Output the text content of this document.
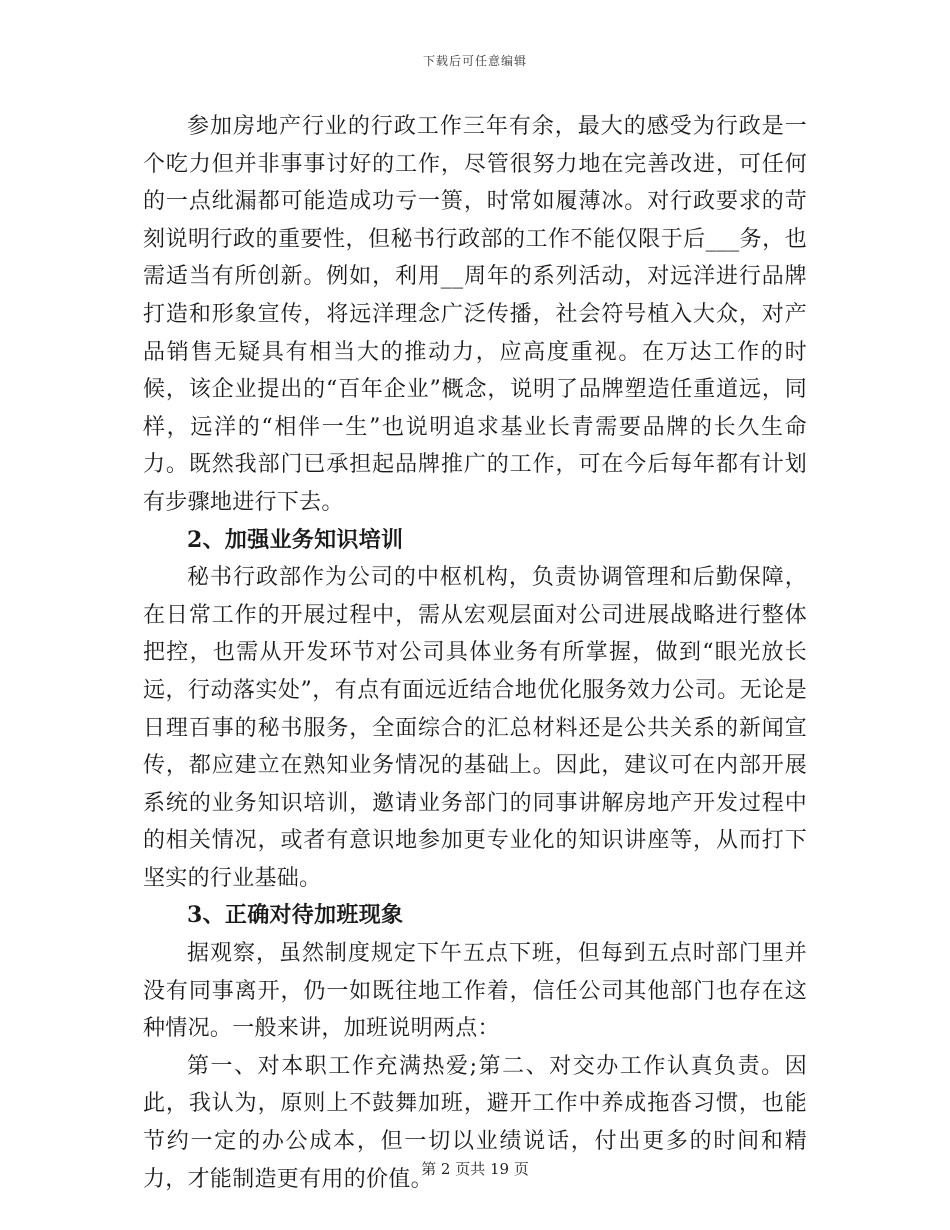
下载后可任意编辑

参加房地产行业的行政工作三年有余，最大的感受为行政是一个吃力但并非事事讨好的工作，尽管很努力地在完善改进，可任何的一点纰漏都可能造成功亏一篑，时常如履薄冰。对行政要求的苛刻说明行政的重要性，但秘书行政部的工作不能仅限于后___务，也需适当有所创新。例如，利用__周年的系列活动，对远洋进行品牌打造和形象宣传，将远洋理念广泛传播，社会符号植入大众，对产品销售无疑具有相当大的推动力，应高度重视。在万达工作的时候，该企业提出的“百年企业”概念，说明了品牌塑造任重道远，同样，远洋的“相伴一生”也说明追求基业长青需要品牌的长久生命力。既然我部门已承担起品牌推广的工作，可在今后每年都有计划有步骤地进行下去。

2、加强业务知识培训

秘书行政部作为公司的中枢机构，负责协调管理和后勤保障，在日常工作的开展过程中，需从宏观层面对公司进展战略进行整体把控，也需从开发环节对公司具体业务有所掌握，做到“眼光放长远，行动落实处”，有点有面远近结合地优化服务效力公司。无论是日理百事的秘书服务，全面综合的汇总材料还是公共关系的新闻宣传，都应建立在熟知业务情况的基础上。因此，建议可在内部开展系统的业务知识培训，邀请业务部门的同事讲解房地产开发过程中的相关情况，或者有意识地参加更专业化的知识讲座等，从而打下坚实的行业基础。

3、正确对待加班现象

据观察，虽然制度规定下午五点下班，但每到五点时部门里并没有同事离开，仍一如既往地工作着，信任公司其他部门也存在这种情况。一般来讲，加班说明两点：

第一、对本职工作充满热爱;第二、对交办工作认真负责。因此，我认为，原则上不鼓舞加班，避开工作中养成拖沓习惯，也能节约一定的办公成本，但一切以业绩说话，付出更多的时间和精力，才能制造更有用的价值。

第 2 页共 19 页
